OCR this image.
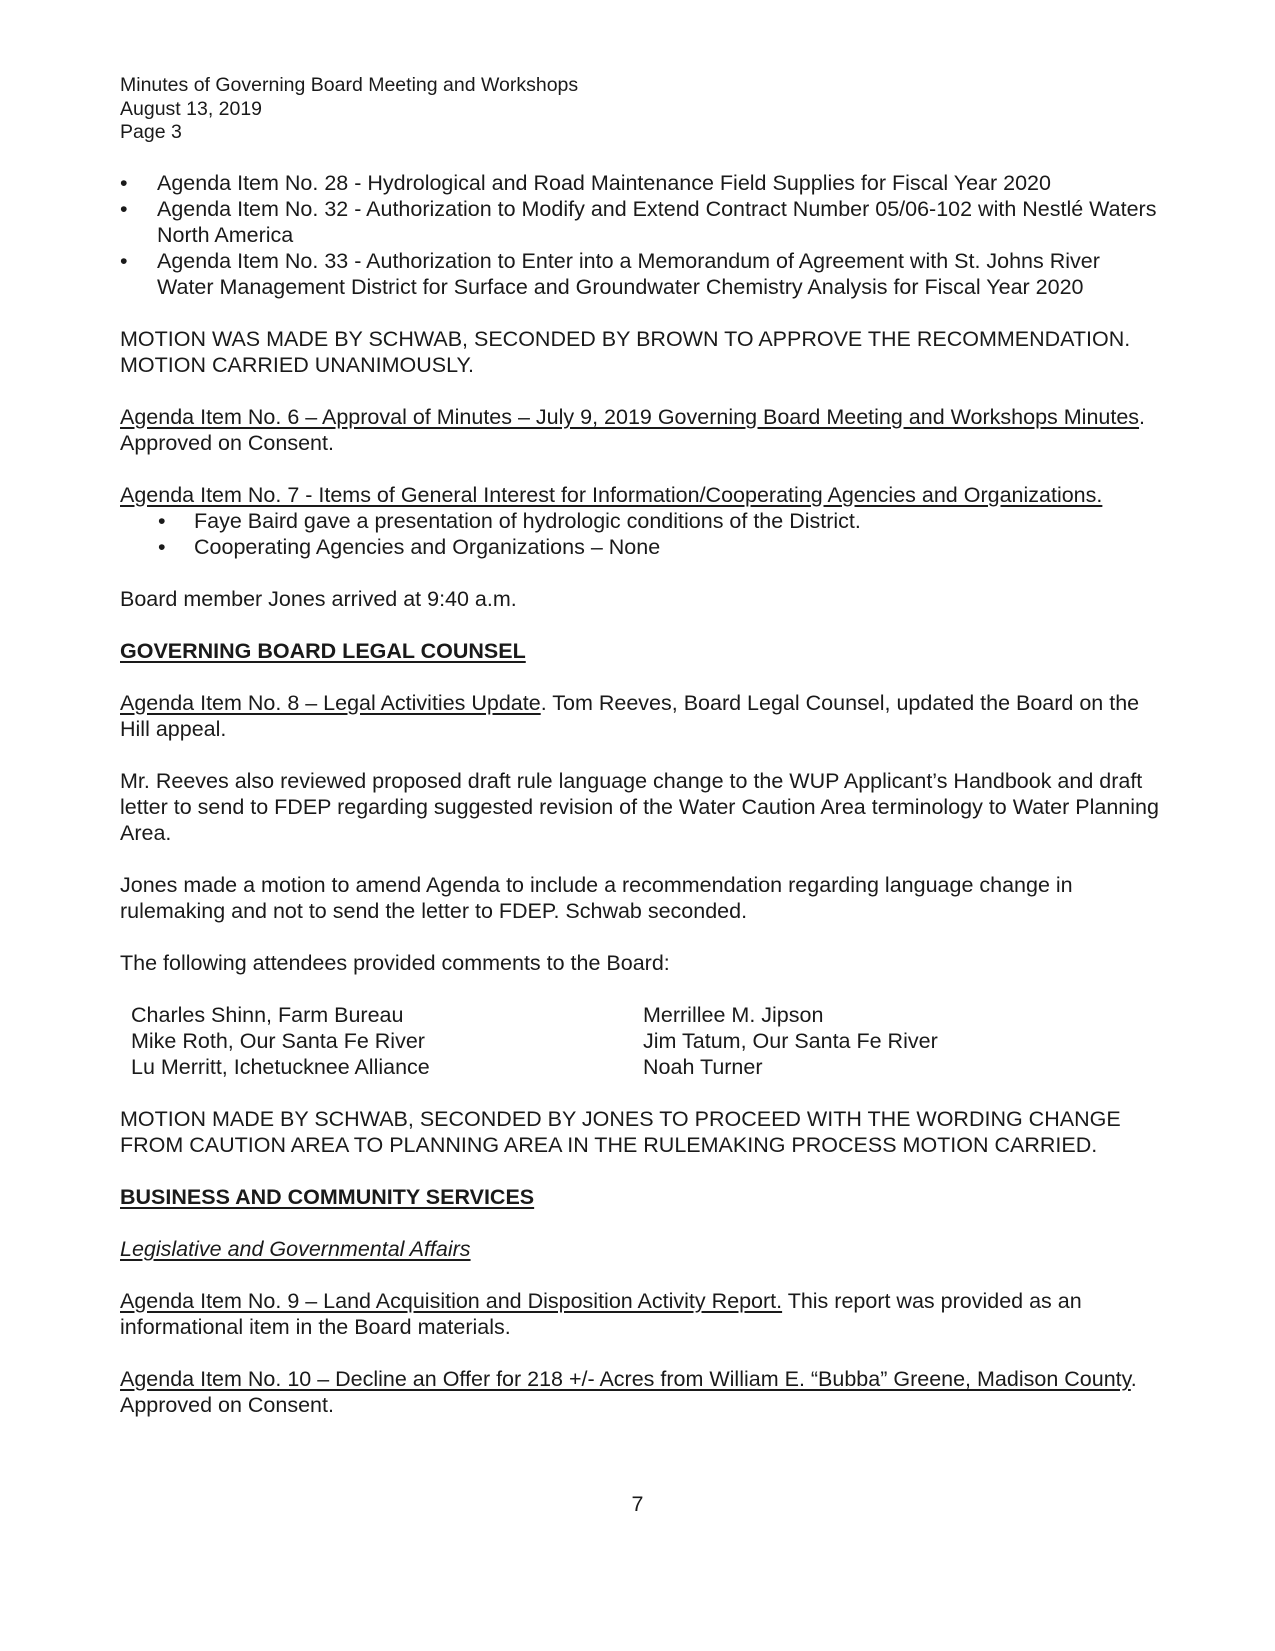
Minutes of Governing Board Meeting and Workshops
August 13, 2019
Page 3
• Agenda Item No. 28 - Hydrological and Road Maintenance Field Supplies for Fiscal Year 2020
• Agenda Item No. 32 - Authorization to Modify and Extend Contract Number 05/06-102 with Nestlé Waters North America
• Agenda Item No. 33 - Authorization to Enter into a Memorandum of Agreement with St. Johns River Water Management District for Surface and Groundwater Chemistry Analysis for Fiscal Year 2020

MOTION WAS MADE BY SCHWAB, SECONDED BY BROWN TO APPROVE THE RECOMMENDATION. MOTION CARRIED UNANIMOUSLY.

Agenda Item No. 6 – Approval of Minutes – July 9, 2019 Governing Board Meeting and Workshops Minutes. Approved on Consent.

Agenda Item No. 7 - Items of General Interest for Information/Cooperating Agencies and Organizations.

• Faye Baird gave a presentation of hydrologic conditions of the District.
• Cooperating Agencies and Organizations – None

Board member Jones arrived at 9:40 a.m.

GOVERNING BOARD LEGAL COUNSEL

Agenda Item No. 8 – Legal Activities Update. Tom Reeves, Board Legal Counsel, updated the Board on the Hill appeal.

Mr. Reeves also reviewed proposed draft rule language change to the WUP Applicant’s Handbook and draft letter to send to FDEP regarding suggested revision of the Water Caution Area terminology to Water Planning Area.

Jones made a motion to amend Agenda to include a recommendation regarding language change in rulemaking and not to send the letter to FDEP. Schwab seconded.

The following attendees provided comments to the Board:

Charles Shinn, Farm Bureau
Mike Roth, Our Santa Fe River
Lu Merritt, Ichetucknee Alliance
Merrillee M. Jipson
Jim Tatum, Our Santa Fe River
Noah Turner

MOTION MADE BY SCHWAB, SECONDED BY JONES TO PROCEED WITH THE WORDING CHANGE FROM CAUTION AREA TO PLANNING AREA IN THE RULEMAKING PROCESS MOTION CARRIED.

BUSINESS AND COMMUNITY SERVICES

Legislative and Governmental Affairs

Agenda Item No. 9 – Land Acquisition and Disposition Activity Report. This report was provided as an informational item in the Board materials.

Agenda Item No. 10 – Decline an Offer for 218 +/- Acres from William E. “Bubba” Greene, Madison County. Approved on Consent.

7
